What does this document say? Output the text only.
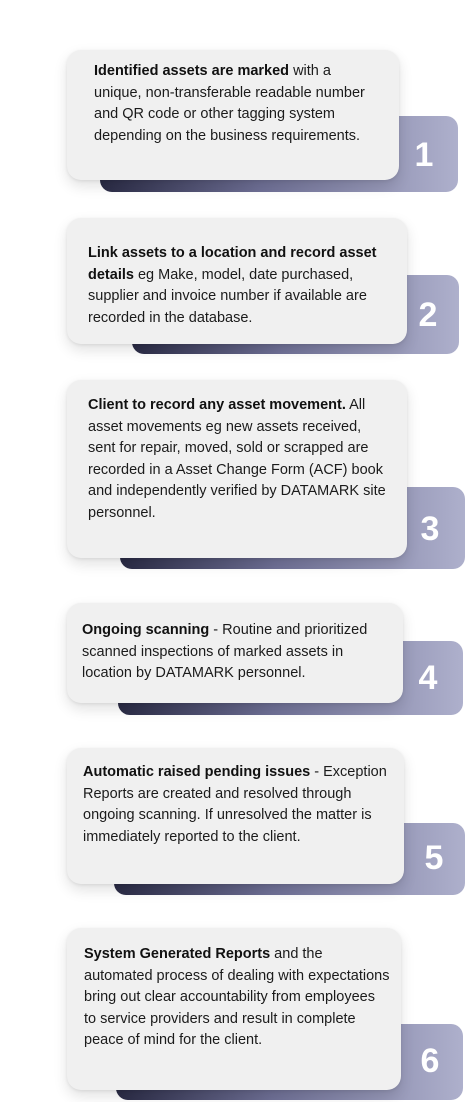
1
Identified assets are marked with a unique, non-transferable readable number and QR code or other tagging system depending on the business requirements.
2
Link assets to a location and record asset details eg Make, model, date purchased, supplier and invoice number if available are recorded in the database.
3
Client to record any asset movement. All asset movements eg new assets received, sent for repair, moved, sold or scrapped are recorded in a Asset Change Form (ACF) book and independently verified by DATAMARK site personnel.
4
Ongoing scanning - Routine and prioritized scanned inspections of marked assets in location by DATAMARK personnel.
5
Automatic raised pending issues - Exception Reports are created and resolved through ongoing scanning. If unresolved the matter is immediately reported to the client.
6
System Generated Reports and the automated process of dealing with expectations bring out clear accountability from employees to service providers and result in complete peace of mind for the client.
